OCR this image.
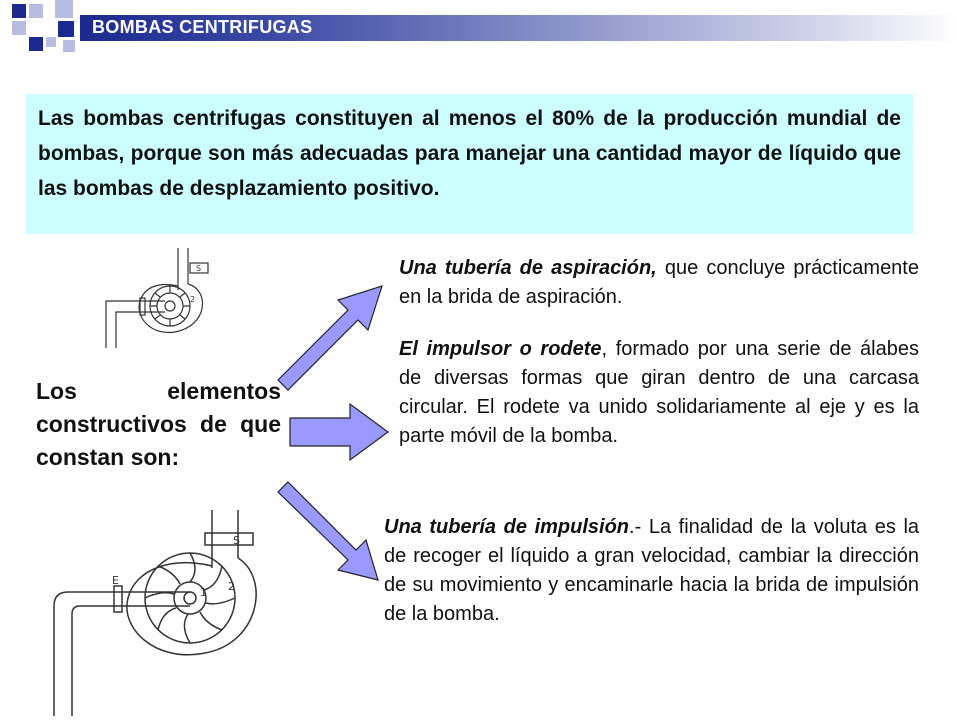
BOMBAS CENTRIFUGAS

Las bombas centrifugas constituyen al menos el 80% de la producción mundial de bombas, porque son más adecuadas para manejar una cantidad mayor de líquido que las bombas de desplazamiento positivo.

Los elementos constructivos de que constan son:

Una tubería de aspiración, que concluye prácticamente en la brida de aspiración.

El impulsor o rodete, formado por una serie de álabes de diversas formas que giran dentro de una carcasa circular. El rodete va unido solidariamente al eje y es la parte móvil de la bomba.

Una tubería de impulsión.- La finalidad de la voluta es la de recoger el líquido a gran velocidad, cambiar la dirección de su movimiento y encaminarle hacia la brida de impulsión de la bomba.

S
2
S
E
1 2
